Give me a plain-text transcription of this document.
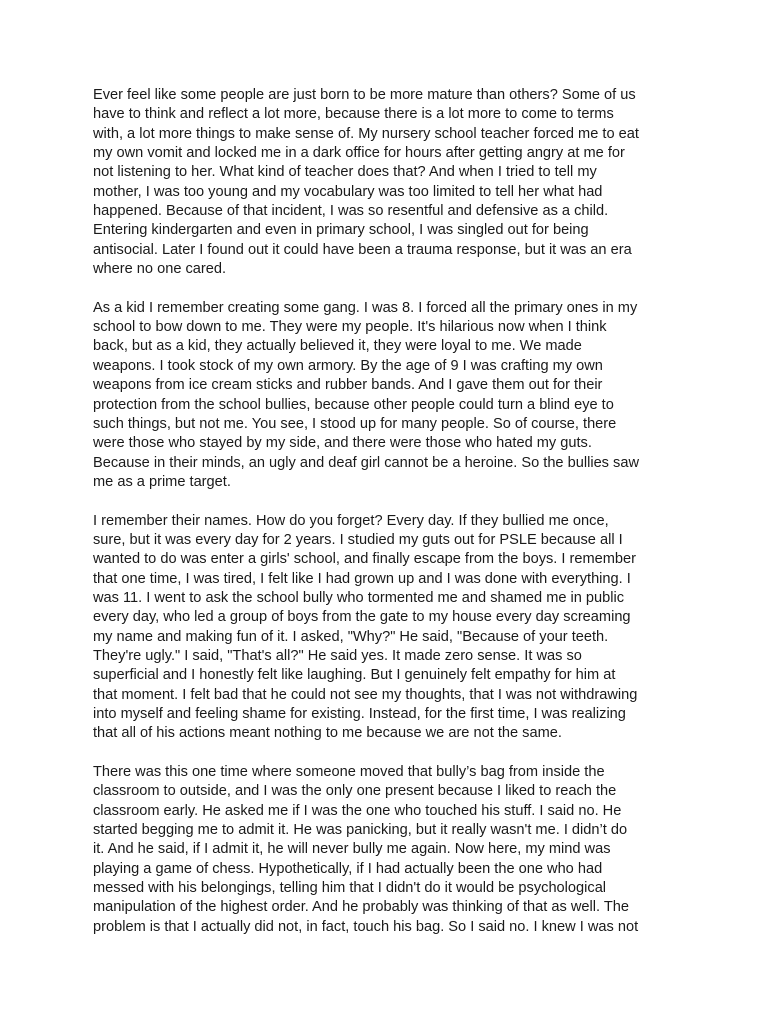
Ever feel like some people are just born to be more mature than others? Some of us
have to think and reflect a lot more, because there is a lot more to come to terms
with, a lot more things to make sense of. My nursery school teacher forced me to eat
my own vomit and locked me in a dark office for hours after getting angry at me for
not listening to her. What kind of teacher does that? And when I tried to tell my
mother, I was too young and my vocabulary was too limited to tell her what had
happened. Because of that incident, I was so resentful and defensive as a child.
Entering kindergarten and even in primary school, I was singled out for being
antisocial. Later I found out it could have been a trauma response, but it was an era
where no one cared.

As a kid I remember creating some gang. I was 8. I forced all the primary ones in my
school to bow down to me. They were my people. It's hilarious now when I think
back, but as a kid, they actually believed it, they were loyal to me. We made
weapons. I took stock of my own armory. By the age of 9 I was crafting my own
weapons from ice cream sticks and rubber bands. And I gave them out for their
protection from the school bullies, because other people could turn a blind eye to
such things, but not me. You see, I stood up for many people. So of course, there
were those who stayed by my side, and there were those who hated my guts.
Because in their minds, an ugly and deaf girl cannot be a heroine. So the bullies saw
me as a prime target.

I remember their names. How do you forget? Every day. If they bullied me once,
sure, but it was every day for 2 years. I studied my guts out for PSLE because all I
wanted to do was enter a girls' school, and finally escape from the boys. I remember
that one time, I was tired, I felt like I had grown up and I was done with everything. I
was 11. I went to ask the school bully who tormented me and shamed me in public
every day, who led a group of boys from the gate to my house every day screaming
my name and making fun of it. I asked, "Why?" He said, "Because of your teeth.
They're ugly." I said, "That's all?" He said yes. It made zero sense. It was so
superficial and I honestly felt like laughing. But I genuinely felt empathy for him at
that moment. I felt bad that he could not see my thoughts, that I was not withdrawing
into myself and feeling shame for existing. Instead, for the first time, I was realizing
that all of his actions meant nothing to me because we are not the same.

There was this one time where someone moved that bully’s bag from inside the
classroom to outside, and I was the only one present because I liked to reach the
classroom early. He asked me if I was the one who touched his stuff. I said no. He
started begging me to admit it. He was panicking, but it really wasn't me. I didn’t do
it. And he said, if I admit it, he will never bully me again. Now here, my mind was
playing a game of chess. Hypothetically, if I had actually been the one who had
messed with his belongings, telling him that I didn't do it would be psychological
manipulation of the highest order. And he probably was thinking of that as well. The
problem is that I actually did not, in fact, touch his bag. So I said no. I knew I was not
